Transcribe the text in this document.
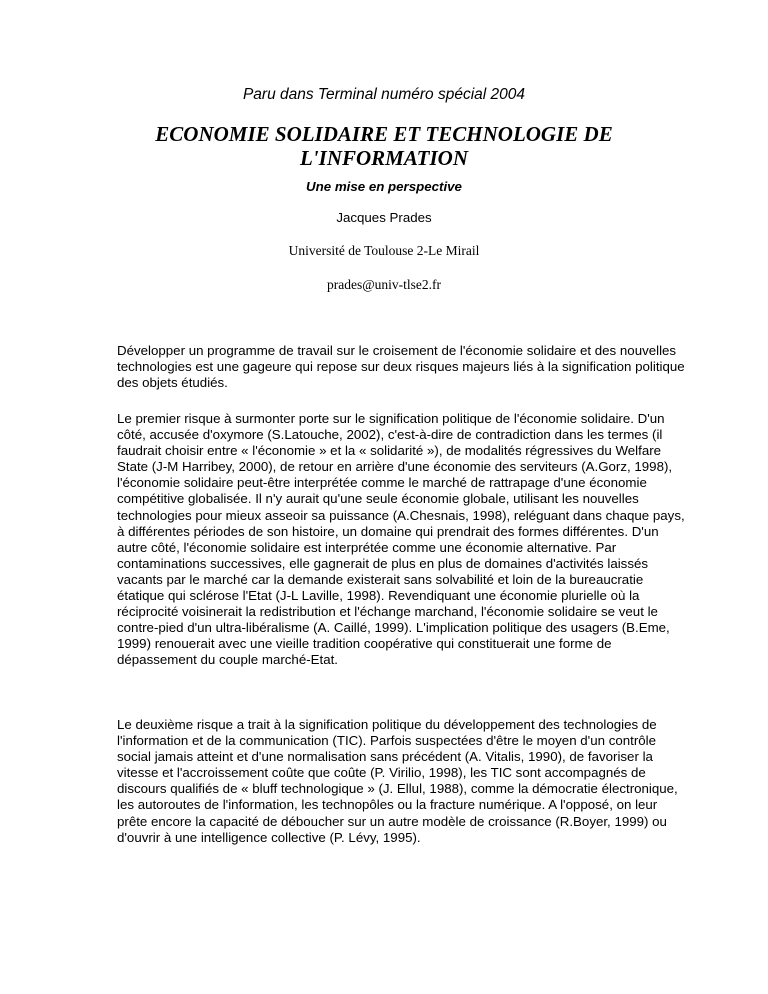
Paru dans Terminal numéro spécial 2004

ECONOMIE SOLIDAIRE ET TECHNOLOGIE DE
L'INFORMATION

Une mise en perspective

Jacques Prades

Université de Toulouse 2-Le Mirail

prades@univ-tlse2.fr

Développer un programme de travail sur le croisement de l'économie solidaire et des nouvelles technologies est une gageure qui repose sur deux risques majeurs liés à la signification politique des objets étudiés.

Le premier risque à surmonter porte sur le signification politique de l'économie solidaire. D'un côté, accusée d'oxymore (S.Latouche, 2002), c'est-à-dire de contradiction dans les termes (il faudrait choisir entre « l'économie » et la « solidarité »), de modalités régressives du Welfare State (J-M Harribey, 2000), de retour en arrière d'une économie des serviteurs (A.Gorz, 1998), l'économie solidaire peut-être interprétée comme le marché de rattrapage d'une économie compétitive globalisée. Il n'y aurait qu'une seule économie globale, utilisant les nouvelles technologies pour mieux asseoir sa puissance (A.Chesnais, 1998), reléguant dans chaque pays, à différentes périodes de son histoire, un domaine qui prendrait des formes différentes. D'un autre côté, l'économie solidaire est interprétée comme une économie alternative. Par contaminations successives, elle gagnerait de plus en plus de domaines d'activités laissés vacants par le marché car la demande existerait sans solvabilité et loin de la bureaucratie étatique qui sclérose l'Etat (J-L Laville, 1998). Revendiquant une économie plurielle où la réciprocité voisinerait la redistribution et l'échange marchand, l'économie solidaire se veut le contre-pied d'un ultra-libéralisme (A. Caillé, 1999). L'implication politique des usagers (B.Eme, 1999) renouerait avec une vieille tradition coopérative qui constituerait une forme de dépassement du couple marché-Etat.

Le deuxième risque a trait à la signification politique du développement des technologies de l'information et de la communication (TIC). Parfois suspectées d'être le moyen d'un contrôle social jamais atteint et d'une normalisation sans précédent (A. Vitalis, 1990), de favoriser la vitesse et l'accroissement coûte que coûte (P. Virilio, 1998), les TIC sont accompagnés de discours qualifiés de « bluff technologique » (J. Ellul, 1988), comme la démocratie électronique, les autoroutes de l'information, les technopôles ou la fracture numérique. A l'opposé, on leur prête encore la capacité de déboucher sur un autre modèle de croissance (R.Boyer, 1999) ou d'ouvrir à une intelligence collective (P. Lévy, 1995).
